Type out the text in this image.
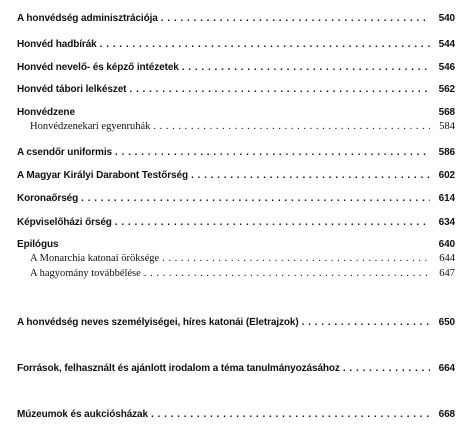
A honvédség adminisztrációja . . .	540
Honvéd hadbírák . . .	544
Honvéd nevelő- és képző intézetek . . .	546
Honvéd tábori lelkészet . . .	562
Honvédzene	568
Honvédzenekari egyenruhák . . .	584
A csendőr uniformis . . .	586
A Magyar Királyi Darabont Testőrség . . .	602
Koronaőrség . . .	614
Képviselőházi őrség . . .	634
Epilógus	640
A Monarchia katonai öröksége . . .	644
A hagyomány továbbélése . . .	647
A honvédség neves személyiségei, híres katonái (Életrajzok) . . .	650
Források, felhasznált és ajánlott irodalom a téma tanulmányozásához . . .	664
Múzeumok és aukciósházak . . .	668
